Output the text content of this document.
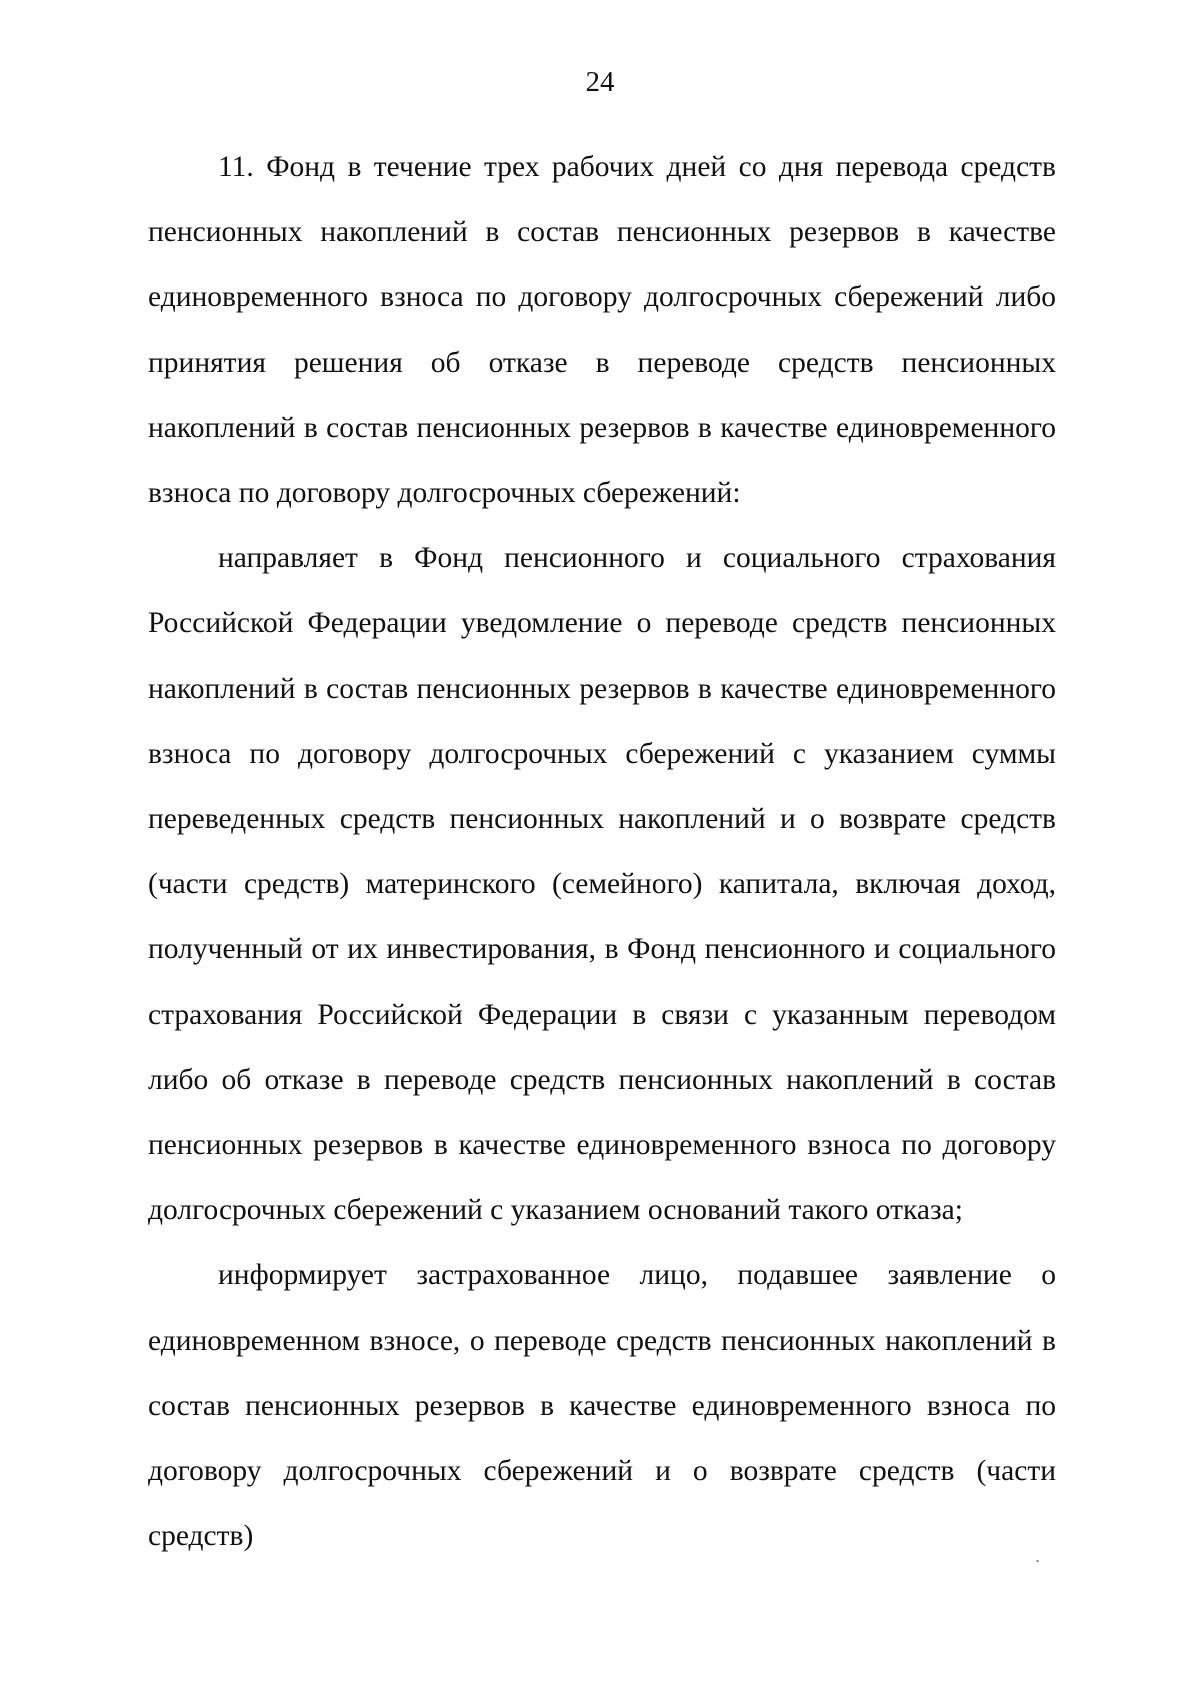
24

11. Фонд в течение трех рабочих дней со дня перевода средств пенсионных накоплений в состав пенсионных резервов в качестве единовременного взноса по договору долгосрочных сбережений либо принятия решения об отказе в переводе средств пенсионных накоплений в состав пенсионных резервов в качестве единовременного взноса по договору долгосрочных сбережений:

направляет в Фонд пенсионного и социального страхования Российской Федерации уведомление о переводе средств пенсионных накоплений в состав пенсионных резервов в качестве единовременного взноса по договору долгосрочных сбережений с указанием суммы переведенных средств пенсионных накоплений и о возврате средств (части средств) материнского (семейного) капитала, включая доход, полученный от их инвестирования, в Фонд пенсионного и социального страхования Российской Федерации в связи с указанным переводом либо об отказе в переводе средств пенсионных накоплений в состав пенсионных резервов в качестве единовременного взноса по договору долгосрочных сбережений с указанием оснований такого отказа;

информирует застрахованное лицо, подавшее заявление о единовременном взносе, о переводе средств пенсионных накоплений в состав пенсионных резервов в качестве единовременного взноса по договору долгосрочных сбережений и о возврате средств (части средств)
